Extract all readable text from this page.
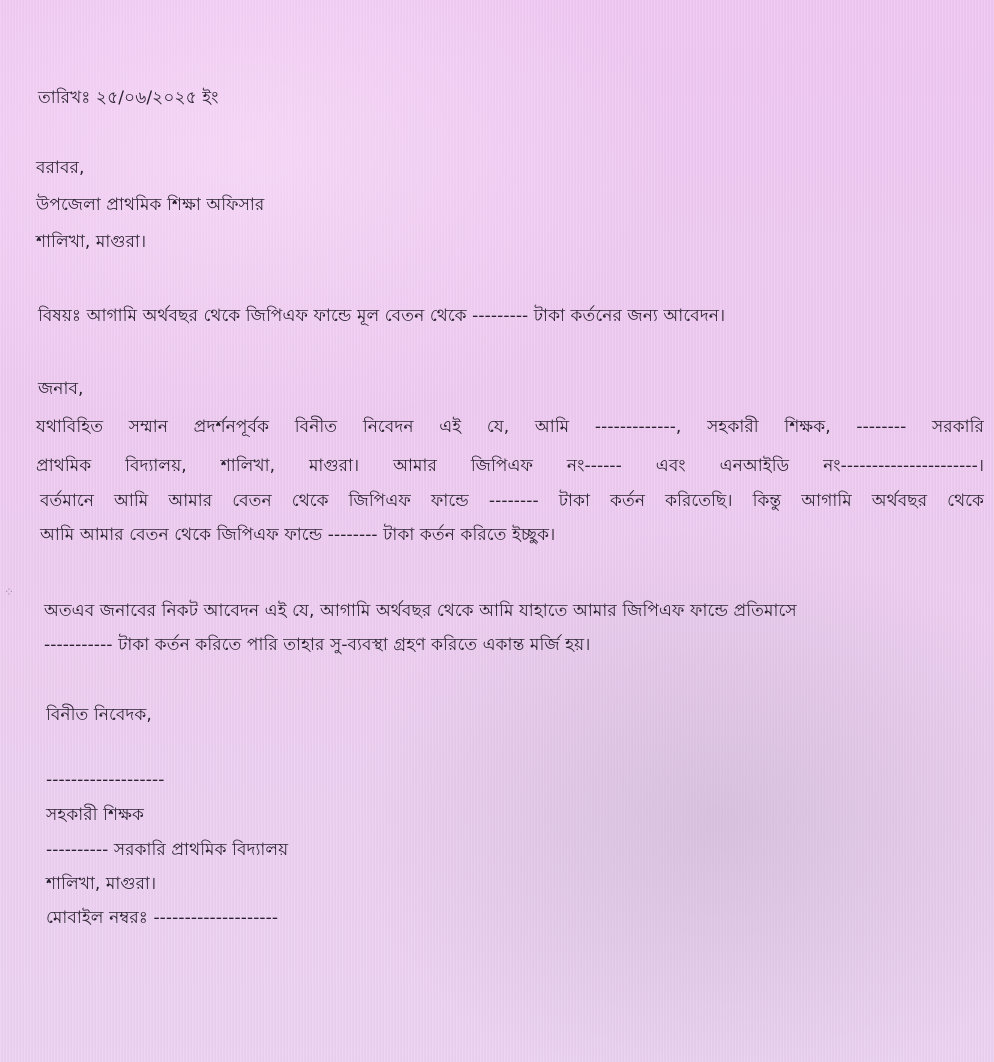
তারিখঃ ২৫/০৬/২০২৫ ইং
বরাবর,
উপজেলা প্রাথমিক শিক্ষা অফিসার
শালিখা, মাগুরা।
বিষয়ঃ আগামি অর্থবছর থেকে জিপিএফ ফান্ডে মূল বেতন থেকে --------- টাকা কর্তনের জন্য আবেদন।
জনাব,
যথাবিহিত সম্মান প্রদর্শনপূর্বক বিনীত নিবেদন এই যে, আমি -------------, সহকারী শিক্ষক, -------- সরকারি
প্রাথমিক বিদ্যালয়, শালিখা, মাগুরা। আমার জিপিএফ নং------ এবং এনআইডি নং----------------------।
বর্তমানে আমি আমার বেতন থেকে জিপিএফ ফান্ডে -------- টাকা কর্তন করিতেছি। কিন্তু আগামি অর্থবছর থেকে
আমি আমার বেতন থেকে জিপিএফ ফান্ডে -------- টাকা কর্তন করিতে ইচ্ছুক।
⁘
অতএব জনাবের নিকট আবেদন এই যে, আগামি অর্থবছর থেকে আমি যাহাতে আমার জিপিএফ ফান্ডে প্রতিমাসে
----------- টাকা কর্তন করিতে পারি তাহার সু-ব্যবস্থা গ্রহণ করিতে একান্ত মর্জি হয়।
বিনীত নিবেদক,
-------------------
সহকারী শিক্ষক
---------- সরকারি প্রাথমিক বিদ্যালয়
শালিখা, মাগুরা।
মোবাইল নম্বরঃ --------------------
